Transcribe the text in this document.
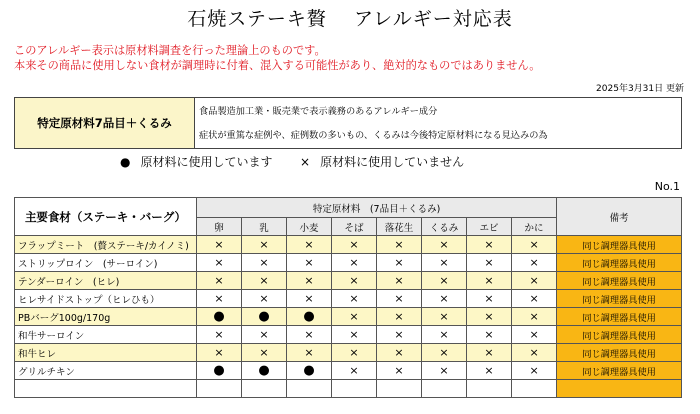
石焼ステーキ贅　 アレルギー対応表
このアレルギー表示は原材料調査を行った理論上のものです。
本来その商品に使用しない食材が調理時に付着、混入する可能性があり、絶対的なものではありません。
2025年3月31日 更新
特定原材料7品目＋くるみ
食品製造加工業・販売業で表示義務のあるアレルギー成分
症状が重篤な症例や、症例数の多いもの、くるみは今後特定原材料になる見込みの為
● 原材料に使用しています × 原材料に使用していません
No.1
主要食材（ステーキ・バーグ）	特定原材料　(7品目＋くるみ)								備考
	卵	乳	小麦	そば	落花生	くるみ	エビ	かに	
フラップミート　(贅ステーキ/カイノミ)	×	×	×	×	×	×	×	×	同じ調理器具使用
ストリップロイン　(サーロイン)	×	×	×	×	×	×	×	×	同じ調理器具使用
テンダーロイン　(ヒレ)	×	×	×	×	×	×	×	×	同じ調理器具使用
ヒレサイドストップ（ヒレひも）	×	×	×	×	×	×	×	×	同じ調理器具使用
PBバーグ100g/170g	●	●	●	×	×	×	×	×	同じ調理器具使用
和牛サーロイン	×	×	×	×	×	×	×	×	同じ調理器具使用
和牛ヒレ	×	×	×	×	×	×	×	×	同じ調理器具使用
グリルチキン	●	●	●	×	×	×	×	×	同じ調理器具使用
